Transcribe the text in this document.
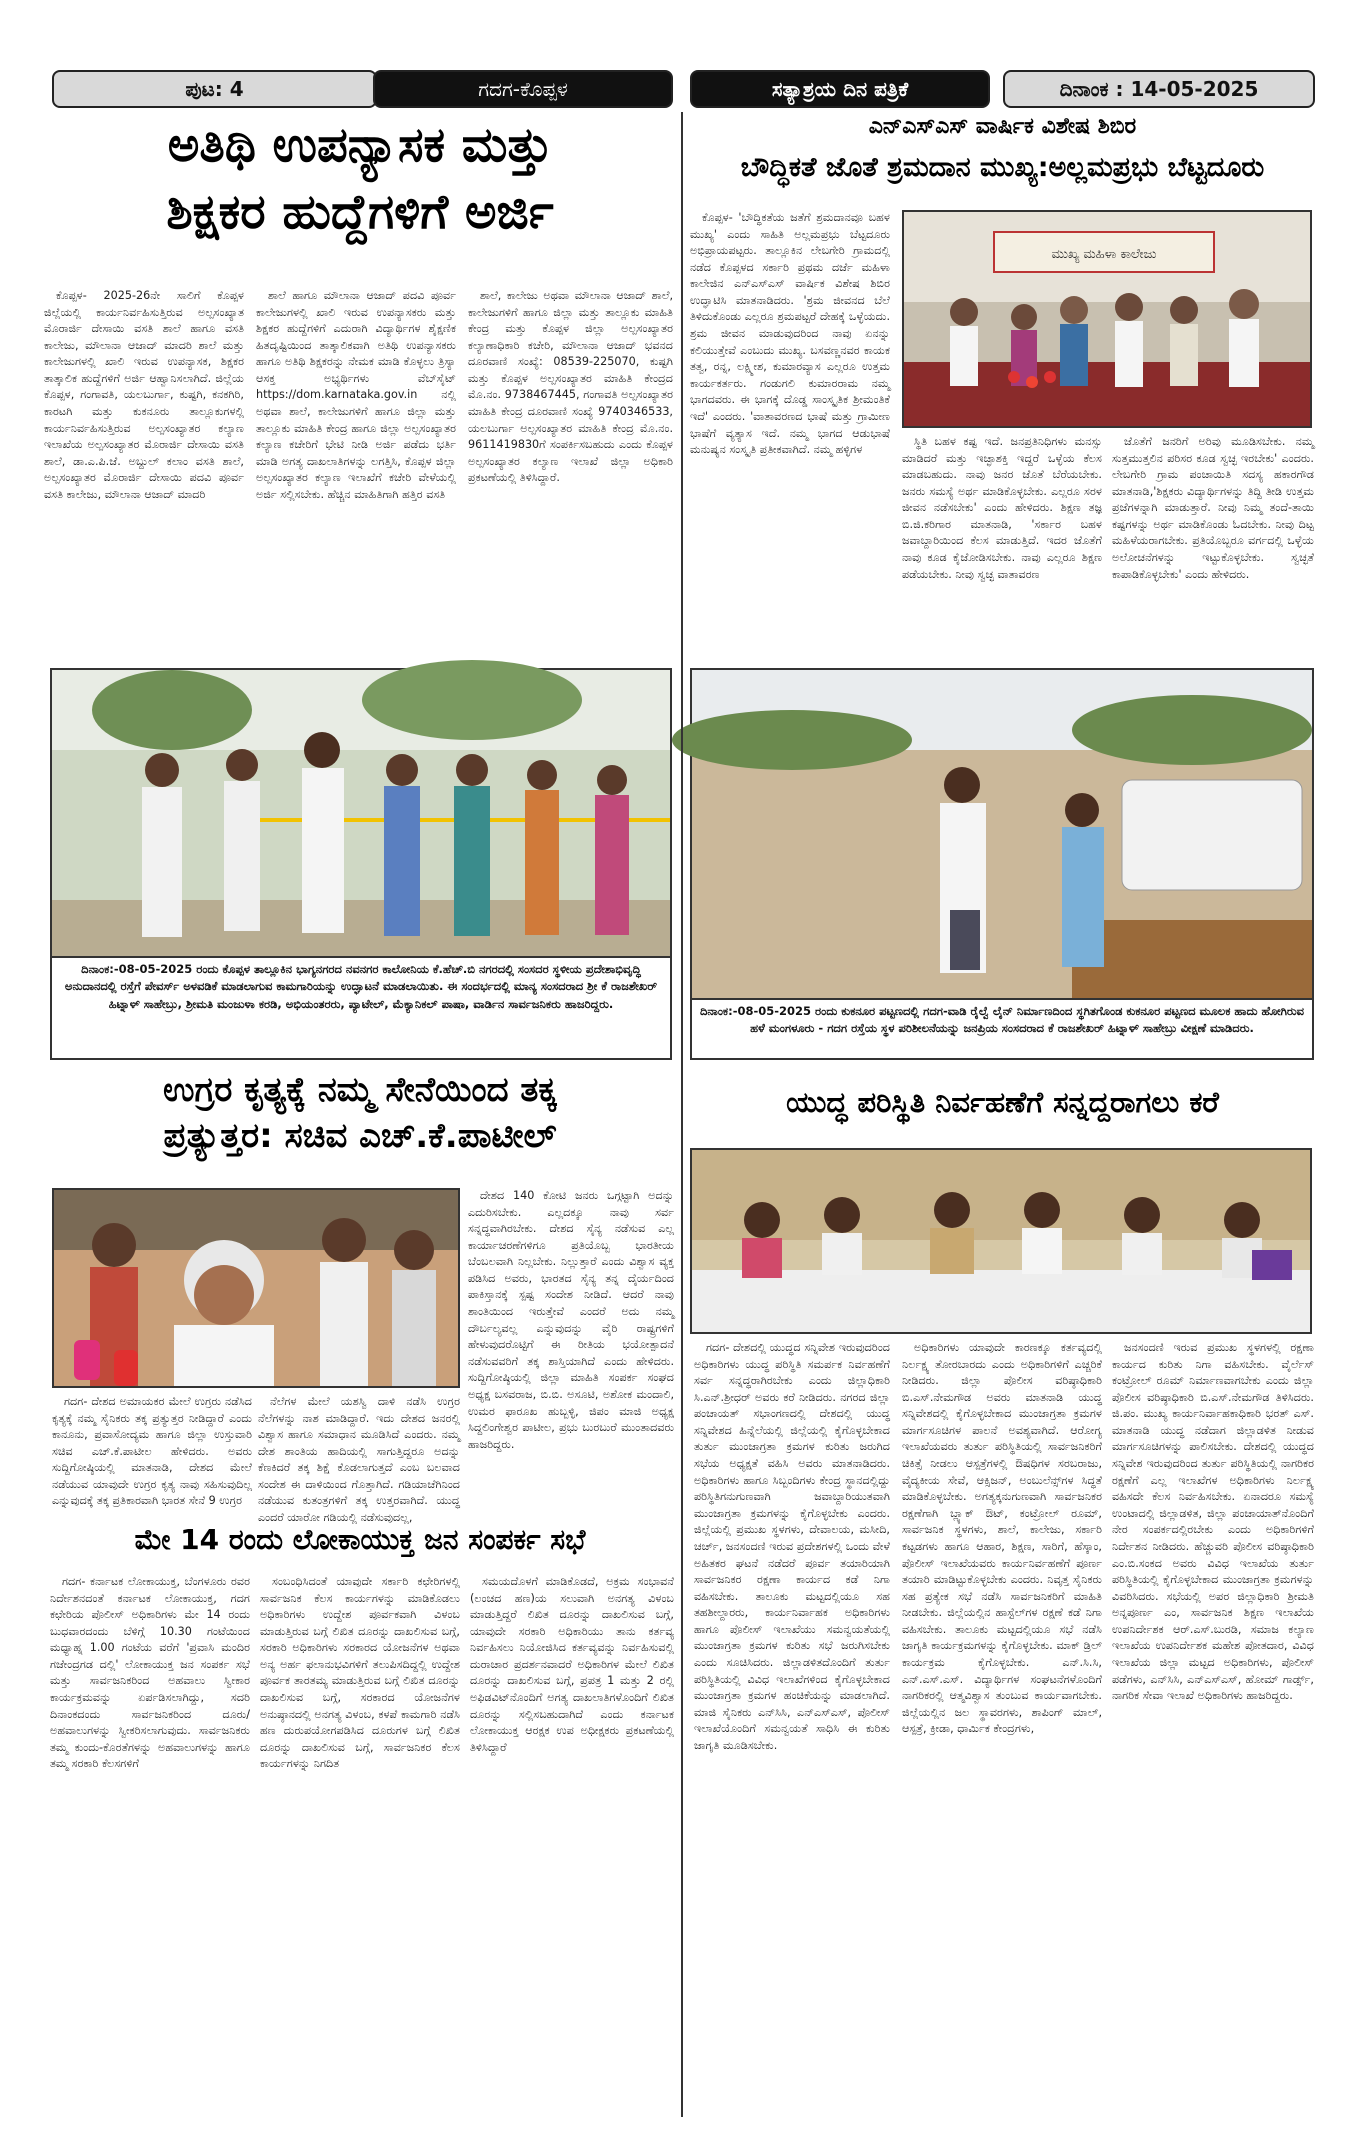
ಪುಟ: 4	ಗದಗ-ಕೊಪ್ಪಳ	ಸತ್ಯಾಶ್ರಯ ದಿನ ಪತ್ರಿಕೆ	ದಿನಾಂಕ : 14-05-2025
ಅತಿಥಿ ಉಪನ್ಯಾಸಕ ಮತ್ತು
ಶಿಕ್ಷಕರ ಹುದ್ದೆಗಳಿಗೆ ಅರ್ಜಿ

ಕೊಪ್ಪಳ- 2025-26ನೇ ಸಾಲಿಗೆ ಕೊಪ್ಪಳ ಜಿಲ್ಲೆಯಲ್ಲಿ ಕಾರ್ಯನಿರ್ವಹಿಸುತ್ತಿರುವ ಅಲ್ಪಸಂಖ್ಯಾತ ಮೊರಾರ್ಜಿ ದೇಸಾಯಿ ವಸತಿ ಶಾಲೆ ಹಾಗೂ ವಸತಿ ಕಾಲೇಜು, ಮೌಲಾನಾ ಆಜಾದ್ ಮಾದರಿ ಶಾಲೆ ಮತ್ತು ಕಾಲೇಜುಗಳಲ್ಲಿ ಖಾಲಿ ಇರುವ ಉಪನ್ಯಾಸಕ, ಶಿಕ್ಷಕರ ತಾತ್ಕಾಲಿಕ ಹುದ್ದೆಗಳಿಗೆ ಅರ್ಜಿ ಆಹ್ವಾನಿಸಲಾಗಿದೆ. ಜಿಲ್ಲೆಯ ಕೊಪ್ಪಳ, ಗಂಗಾವತಿ, ಯಲಬುರ್ಗಾ, ಕುಷ್ಟಗಿ, ಕನಕಗಿರಿ, ಕಾರಟಗಿ ಮತ್ತು ಕುಕನೂರು ತಾಲ್ಲೂಕುಗಳಲ್ಲಿ ಕಾರ್ಯನಿರ್ವಹಿಸುತ್ತಿರುವ ಅಲ್ಪಸಂಖ್ಯಾತರ ಕಲ್ಯಾಣ ಇಲಾಖೆಯ ಅಲ್ಪಸಂಖ್ಯಾತರ ಮೊರಾರ್ಜಿ ದೇಸಾಯಿ ವಸತಿ ಶಾಲೆ, ಡಾ.ಎ.ಪಿ.ಜೆ. ಅಬ್ದುಲ್ ಕಲಾಂ ವಸತಿ ಶಾಲೆ, ಅಲ್ಪಸಂಖ್ಯಾತರ ಮೊರಾರ್ಜಿ ದೇಸಾಯಿ ಪದವಿ ಪೂರ್ವ ವಸತಿ ಕಾಲೇಜು, ಮೌಲಾನಾ ಆಜಾದ್ ಮಾದರಿ

ಶಾಲೆ ಹಾಗೂ ಮೌಲಾನಾ ಆಜಾದ್ ಪದವಿ ಪೂರ್ವ ಕಾಲೇಜುಗಳಲ್ಲಿ ಖಾಲಿ ಇರುವ ಉಪನ್ಯಾಸಕರು ಮತ್ತು ಶಿಕ್ಷಕರ ಹುದ್ದೆಗಳಿಗೆ ಎದುರಾಗಿ ವಿದ್ಯಾರ್ಥಿಗಳ ಶೈಕ್ಷಣಿಕ ಹಿತದೃಷ್ಟಿಯಿಂದ ತಾತ್ಕಾಲಿಕವಾಗಿ ಅತಿಥಿ ಉಪನ್ಯಾಸಕರು ಹಾಗೂ ಅತಿಥಿ ಶಿಕ್ಷಕರನ್ನು ನೇಮಕ ಮಾಡಿ ಕೊಳ್ಳಲು ತ್ರಿಸ್ಯಾ ಆಸಕ್ತ ಅಭ್ಯರ್ಥಿಗಳು ವೆಬ್‌ಸೈಟ್ https://dom.karnataka.gov.in ನಲ್ಲಿ ಅಥವಾ ಶಾಲೆ, ಕಾಲೇಜುಗಳಿಗೆ ಹಾಗೂ ಜಿಲ್ಲಾ ಮತ್ತು ತಾಲ್ಲೂಕು ಮಾಹಿತಿ ಕೇಂದ್ರ ಹಾಗೂ ಜಿಲ್ಲಾ ಅಲ್ಪಸಂಖ್ಯಾತರ ಕಲ್ಯಾಣ ಕಚೇರಿಗೆ ಭೇಟಿ ನೀಡಿ ಅರ್ಜಿ ಪಡೆದು ಭರ್ತಿ ಮಾಡಿ ಅಗತ್ಯ ದಾಖಲಾತಿಗಳನ್ನು ಲಗತ್ತಿಸಿ, ಕೊಪ್ಪಳ ಜಿಲ್ಲಾ ಅಲ್ಪಸಂಖ್ಯಾತರ ಕಲ್ಯಾಣ ಇಲಾಖೆಗೆ ಕಚೇರಿ ವೇಳೆಯಲ್ಲಿ ಅರ್ಜಿ ಸಲ್ಲಿಸಬೇಕು. ಹೆಚ್ಚಿನ ಮಾಹಿತಿಗಾಗಿ ಹತ್ತಿರ ವಸತಿ

ಶಾಲೆ, ಕಾಲೇಜು ಅಥವಾ ಮೌಲಾನಾ ಆಜಾದ್ ಶಾಲೆ, ಕಾಲೇಜುಗಳಿಗೆ ಹಾಗೂ ಜಿಲ್ಲಾ ಮತ್ತು ತಾಲ್ಲೂಕು ಮಾಹಿತಿ ಕೇಂದ್ರ ಮತ್ತು ಕೊಪ್ಪಳ ಜಿಲ್ಲಾ ಅಲ್ಪಸಂಖ್ಯಾತರ ಕಲ್ಯಾಣಾಧಿಕಾರಿ ಕಚೇರಿ, ಮೌಲಾನಾ ಆಜಾದ್ ಭವನದ ದೂರವಾಣಿ ಸಂಖ್ಯೆ: 08539-225070, ಕುಷ್ಟಗಿ ಮತ್ತು ಕೊಪ್ಪಳ ಅಲ್ಪಸಂಖ್ಯಾತರ ಮಾಹಿತಿ ಕೇಂದ್ರದ ಮೊ.ನಂ. 9738467445, ಗಂಗಾವತಿ ಅಲ್ಪಸಂಖ್ಯಾತರ ಮಾಹಿತಿ ಕೇಂದ್ರ ದೂರವಾಣಿ ಸಂಖ್ಯೆ 9740346533, ಯಲಬುರ್ಗಾ ಅಲ್ಪಸಂಖ್ಯಾತರ ಮಾಹಿತಿ ಕೇಂದ್ರ ಮೊ.ನಂ. 9611419830ಗೆ ಸಂಪರ್ಕಿಸಬಹುದು ಎಂದು ಕೊಪ್ಪಳ ಅಲ್ಪಸಂಖ್ಯಾತರ ಕಲ್ಯಾಣ ಇಲಾಖೆ ಜಿಲ್ಲಾ ಅಧಿಕಾರಿ ಪ್ರಕಟಣೆಯಲ್ಲಿ ತಿಳಿಸಿದ್ದಾರೆ.

ಎನ್‌ಎಸ್‌ಎಸ್ ವಾರ್ಷಿಕ ವಿಶೇಷ ಶಿಬಿರ
ಬೌದ್ಧಿಕತೆ ಜೊತೆ ಶ್ರಮದಾನ ಮುಖ್ಯ:ಅಲ್ಲಮಪ್ರಭು ಬೆಟ್ಟದೂರು

ಕೊಪ್ಪಳ- 'ಬೌದ್ಧಿಕತೆಯ ಜತೆಗೆ ಶ್ರಮದಾನವೂ ಬಹಳ ಮುಖ್ಯ' ಎಂದು ಸಾಹಿತಿ ಅಲ್ಲಮಪ್ರಭು ಬೆಟ್ಟದೂರು ಅಭಿಪ್ರಾಯಪಟ್ಟರು. ತಾಲ್ಲೂಕಿನ ಲೇಬಗೇರಿ ಗ್ರಾಮದಲ್ಲಿ ನಡೆದ ಕೊಪ್ಪಳದ ಸರ್ಕಾರಿ ಪ್ರಥಮ ದರ್ಜೆ ಮಹಿಳಾ ಕಾಲೇಜಿನ ಎನ್‌ಎಸ್‌ಎಸ್ ವಾರ್ಷಿಕ ವಿಶೇಷ ಶಿಬಿರ ಉದ್ಘಾಟಿಸಿ ಮಾತನಾಡಿದರು. 'ಶ್ರಮ ಜೀವನದ ಬೆಲೆ ತಿಳಿದುಕೊಂಡು ಎಲ್ಲರೂ ಶ್ರಮಪಟ್ಟರೆ ದೇಹಕ್ಕೆ ಒಳ್ಳೆಯದು. ಶ್ರಮ ಜೀವನ ಮಾಡುವುದರಿಂದ ನಾವು ಏನನ್ನು ಕಲಿಯುತ್ತೇವೆ ಎಂಬುದು ಮುಖ್ಯ. ಬಸವಣ್ಣನವರ ಕಾಯಕ ತತ್ವ, ರನ್ನ, ಲಕ್ಷ್ಮೀಶ, ಕುಮಾರವ್ಯಾಸ ಎಲ್ಲರೂ ಉತ್ತಮ ಕಾರ್ಯಕರ್ತರು. ಗಂಡುಗಲಿ ಕುಮಾರರಾಮ ನಮ್ಮ ಭಾಗದವರು. ಈ ಭಾಗಕ್ಕೆ ದೊಡ್ಡ ಸಾಂಸ್ಕೃತಿಕ ಶ್ರೀಮಂತಿಕೆ ಇದೆ' ಎಂದರು. 'ವಾತಾವರಣದ ಭಾಷೆ ಮತ್ತು ಗ್ರಾಮೀಣ ಭಾಷೆಗೆ ವ್ಯತ್ಯಾಸ ಇದೆ. ನಮ್ಮ ಭಾಗದ ಆಡುಭಾಷೆ ಮನುಷ್ಯನ ಸಂಸ್ಕೃತಿ ಪ್ರತೀಕವಾಗಿದೆ. ನಮ್ಮ ಹಳ್ಳಿಗಳ

ಮುಖ್ಯ ಮಹಿಳಾ ಕಾಲೇಜು

ಸ್ಥಿತಿ ಬಹಳ ಕಷ್ಟ ಇದೆ. ಜನಪ್ರತಿನಿಧಿಗಳು ಮನಸ್ಸು ಮಾಡಿದರೆ ಮತ್ತು ಇಚ್ಛಾಶಕ್ತಿ ಇದ್ದರೆ ಒಳ್ಳೆಯ ಕೆಲಸ ಮಾಡಬಹುದು. ನಾವು ಜನರ ಜೊತೆ ಬೆರೆಯಬೇಕು. ಜನರು ಸಮಸ್ಯೆ ಅರ್ಥ ಮಾಡಿಕೊಳ್ಳಬೇಕು. ಎಲ್ಲರೂ ಸರಳ ಜೀವನ ನಡೆಸಬೇಕು' ಎಂದು ಹೇಳಿದರು. ಶಿಕ್ಷಣ ತಜ್ಞ ಬಿ.ಜಿ.ಕರಿಗಾರ ಮಾತನಾಡಿ, 'ಸರ್ಕಾರ ಬಹಳ ಜವಾಬ್ದಾರಿಯಿಂದ ಕೆಲಸ ಮಾಡುತ್ತಿದೆ. ಇದರ ಜೊತೆಗೆ ನಾವು ಕೂಡ ಕೈಜೋಡಿಸಬೇಕು. ನಾವು ಎಲ್ಲರೂ ಶಿಕ್ಷಣ ಪಡೆಯಬೇಕು. ನೀವು ಸ್ವಚ್ಛ ವಾತಾವರಣ

ಜೊತೆಗೆ ಜನರಿಗೆ ಅರಿವು ಮೂಡಿಸಬೇಕು. ನಮ್ಮ ಸುತ್ತಮುತ್ತಲಿನ ಪರಿಸರ ಕೂಡ ಸ್ವಚ್ಛ ಇರಬೇಕು' ಎಂದರು. ಲೇಬಗೇರಿ ಗ್ರಾಮ ಪಂಚಾಯಿತಿ ಸದಸ್ಯ ಹಕಾರಗೌಡ ಮಾತನಾಡಿ,'ಶಿಕ್ಷಕರು ವಿದ್ಯಾರ್ಥಿಗಳನ್ನು ತಿದ್ದಿ ತೀಡಿ ಉತ್ತಮ ಪ್ರಜೆಗಳನ್ನಾಗಿ ಮಾಡುತ್ತಾರೆ. ನೀವು ನಿಮ್ಮ ತಂದೆ-ತಾಯಿ ಕಷ್ಟಗಳನ್ನು ಅರ್ಥ ಮಾಡಿಕೊಂಡು ಓದಬೇಕು. ನೀವು ದಿಟ್ಟ ಮಹಿಳೆಯರಾಗಬೇಕು. ಪ್ರತಿಯೊಬ್ಬರೂ ವರ್ಗದಲ್ಲಿ ಒಳ್ಳೆಯ ಅಲೋಚನೆಗಳನ್ನು ಇಟ್ಟುಕೊಳ್ಳಬೇಕು. ಸ್ವಚ್ಛತೆ ಕಾಪಾಡಿಕೊಳ್ಳಬೇಕು' ಎಂದು ಹೇಳಿದರು.

ದಿನಾಂಕ:-08-05-2025 ರಂದು ಕೊಪ್ಪಳ ತಾಲ್ಲೂಕಿನ ಭಾಗ್ಯನಗರದ ನವನಗರ ಕಾಲೋನಿಯ ಕೆ.ಹೆಚ್.ಬಿ ನಗರದಲ್ಲಿ ಸಂಸದರ ಸ್ಥಳೀಯ ಪ್ರದೇಶಾಭಿವೃದ್ಧಿ ಅನುದಾನದಲ್ಲಿ ರಸ್ತೆಗೆ ಪೇವರ್ಸ್ ಅಳವಡಿಕೆ ಮಾಡಲಾಗುವ ಕಾಮಗಾರಿಯನ್ನು ಉದ್ಘಾಟನೆ ಮಾಡಲಾಯಿತು. ಈ ಸಂದರ್ಭದಲ್ಲಿ ಮಾನ್ಯ ಸಂಸದರಾದ ಶ್ರೀ ಕೆ ರಾಜಶೇಖರ್ ಹಿಟ್ನಾಳ್ ಸಾಹೇಬ್ರು, ಶ್ರೀಮತಿ ಮಂಜುಳಾ ಕರಡಿ, ಅಭಿಯಂತರರು, ಪ್ಯಾಟೇಲ್, ಮೆಕ್ಯಾನಿಕಲ್ ಪಾಷಾ, ವಾರ್ಡಿನ ಸಾರ್ವಜನಿಕರು ಹಾಜರಿದ್ದರು.
ದಿನಾಂಕ:-08-05-2025 ರಂದು ಕುಕನೂರ ಪಟ್ಟಣದಲ್ಲಿ ಗದಗ-ವಾಡಿ ರೈಲ್ವೆ ಲೈನ್ ನಿರ್ಮಾಣದಿಂದ ಸ್ಥಗಿತಗೊಂಡ ಕುಕನೂರ ಪಟ್ಟಣದ ಮೂಲಕ ಹಾದು ಹೋಗಿರುವ ಹಳೆ ಮಂಗಳೂರು - ಗದಗ ರಸ್ತೆಯ ಸ್ಥಳ ಪರಿಶೀಲನೆಯನ್ನು ಜನಪ್ರಿಯ ಸಂಸದರಾದ ಕೆ ರಾಜಶೇಖರ್ ಹಿಟ್ನಾಳ್ ಸಾಹೇಬ್ರು ವೀಕ್ಷಣೆ ಮಾಡಿದರು.
ಉಗ್ರರ ಕೃತ್ಯಕ್ಕೆ ನಮ್ಮ ಸೇನೆಯಿಂದ ತಕ್ಕ
ಪ್ರತ್ಯುತ್ತರ: ಸಚಿವ ಎಚ್.ಕೆ.ಪಾಟೀಲ್

ದೇಶದ 140 ಕೋಟಿ ಜನರು ಒಗ್ಗಟ್ಟಾಗಿ ಅದನ್ನು ಎದುರಿಸಬೇಕು. ಎಲ್ಲದಕ್ಕೂ ನಾವು ಸರ್ವ ಸನ್ನದ್ಧವಾಗಿರಬೇಕು. ದೇಶದ ಸೈನ್ಯ ನಡೆಸುವ ಎಲ್ಲ ಕಾರ್ಯಾಚರಣೆಗಳಿಗೂ ಪ್ರತಿಯೊಬ್ಬ ಭಾರತೀಯ ಬೆಂಬಲವಾಗಿ ನಿಲ್ಲಬೇಕು. ನಿಲ್ಲುತ್ತಾರೆ ಎಂದು ವಿಶ್ವಾಸ ವ್ಯಕ್ತ ಪಡಿಸಿದ ಅವರು, ಭಾರತದ ಸೈನ್ಯ ತನ್ನ ದೈರ್ಯದಿಂದ ಪಾಕಿಸ್ತಾನಕ್ಕೆ ಸ್ಪಷ್ಟ ಸಂದೇಶ ನೀಡಿದೆ. ಆದರೆ ನಾವು ಶಾಂತಿಯಿಂದ ಇರುತ್ತೇವೆ ಎಂದರೆ ಅದು ನಮ್ಮ ದೌರ್ಬಲ್ಯವಲ್ಲ ಎನ್ನುವುದನ್ನು ವೈರಿ ರಾಷ್ಟ್ರಗಳಿಗೆ ಹೇಳುವುದರೊಟ್ಟಿಗೆ ಈ ರೀತಿಯ ಭಯೋತ್ಪಾದನೆ ನಡೆಸುವವರಿಗೆ ತಕ್ಕ ಶಾಸ್ತಿಯಾಗಿದೆ ಎಂದು ಹೇಳಿದರು. ಸುದ್ದಿಗೋಷ್ಠಿಯಲ್ಲಿ ಜಿಲ್ಲಾ ಮಾಹಿತಿ ಸಂಪರ್ಕ ಸಂಘದ ಅಧ್ಯಕ್ಷ ಬಸವರಾಜ, ಬಿ.ಬಿ. ಅಸೂಟಿ, ಅಶೋಕ ಮಂದಾಲಿ, ಉಮರ ಫಾರೂಖ ಹುಬ್ಬಳ್ಳಿ, ಜಿಪಂ ಮಾಜಿ ಅಧ್ಯಕ್ಷ ಸಿದ್ದಲಿಂಗೇಶ್ವರ ಪಾಟೀಲ, ಪ್ರಭು ಬುರಬುರೆ ಮುಂತಾದವರು ಹಾಜರಿದ್ದರು.

ಗದಗ- ದೇಶದ ಅಮಾಯಕರ ಮೇಲೆ ಉಗ್ರರು ನಡೆಸಿದ ಕೃತ್ಯಕ್ಕೆ ನಮ್ಮ ಸೈನಿಕರು ತಕ್ಕ ಪ್ರತ್ಯುತ್ತರ ನೀಡಿದ್ದಾರೆ ಎಂದು ಕಾನೂನು, ಪ್ರವಾಸೋದ್ಯಮ ಹಾಗೂ ಜಿಲ್ಲಾ ಉಸ್ತುವಾರಿ ಸಚಿವ ಎಚ್.ಕೆ.ಪಾಟೀಲ ಹೇಳಿದರು. ಅವರು ಸುದ್ದಿಗೋಷ್ಠಿಯಲ್ಲಿ ಮಾತನಾಡಿ, ದೇಶದ ಮೇಲೆ ನಡೆಯುವ ಯಾವುದೇ ಉಗ್ರರ ಕೃತ್ಯ ನಾವು ಸಹಿಸುವುದಿಲ್ಲ ಎನ್ನುವುದಕ್ಕೆ ತಕ್ಕ ಪ್ರತಿಕಾರವಾಗಿ ಭಾರತ ಸೇನೆ 9 ಉಗ್ರರ

ನೆಲೆಗಳ ಮೇಲೆ ಯಶಸ್ವಿ ದಾಳಿ ನಡೆಸಿ ಉಗ್ರರ ನೆಲೆಗಳನ್ನು ನಾಶ ಮಾಡಿದ್ದಾರೆ. ಇದು ದೇಶದ ಜನರಲ್ಲಿ ವಿಶ್ವಾಸ ಹಾಗೂ ಸಮಾಧಾನ ಮೂಡಿಸಿದೆ ಎಂದರು. ನಮ್ಮ ದೇಶ ಶಾಂತಿಯ ಹಾದಿಯಲ್ಲಿ ಸಾಗುತ್ತಿದ್ದರೂ ಅದನ್ನು ಕೆಣಕಿದರೆ ತಕ್ಕ ಶಿಕ್ಷೆ ಕೊಡಲಾಗುತ್ತದೆ ಎಂಬ ಬಲವಾದ ಸಂದೇಶ ಈ ದಾಳಿಯಿಂದ ಗೊತ್ತಾಗಿದೆ. ಗಡಿಯಾಚೆಗಿನಿಂದ ನಡೆಯುವ ಕುತಂತ್ರಗಳಿಗೆ ತಕ್ಕ ಉತ್ತರವಾಗಿದೆ. ಯುದ್ಧ ಎಂದರೆ ಯಾರೋ ಗಡಿಯಲ್ಲಿ ನಡೆಸುವುದಲ್ಲ,

ಮೇ 14 ರಂದು ಲೋಕಾಯುಕ್ತ ಜನ ಸಂಪರ್ಕ ಸಭೆ

ಗದಗ- ಕರ್ನಾಟಕ ಲೋಕಾಯುಕ್ತ, ಬೆಂಗಳೂರು ರವರ ನಿರ್ದೇಶನದಂತೆ ಕರ್ನಾಟಕ ಲೋಕಾಯುಕ್ತ, ಗದಗ ಕಛೇರಿಯ ಪೊಲೀಸ್ ಅಧಿಕಾರಿಗಳು ಮೇ 14 ರಂದು ಬುಧವಾರದಂದು ಬೆಳಿಗ್ಗೆ 10.30 ಗಂಟೆಯಿಂದ ಮಧ್ಯಾಹ್ನ 1.00 ಗಂಟೆಯ ವರೆಗೆ 'ಪ್ರವಾಸಿ ಮಂದಿರ ಗಜೇಂದ್ರಗಡ ದಲ್ಲಿ' ಲೋಕಾಯುಕ್ತ ಜನ ಸಂಪರ್ಕ ಸಭೆ ಮತ್ತು ಸಾರ್ವಜನಿಕರಿಂದ ಅಹವಾಲು ಸ್ವೀಕಾರ ಕಾರ್ಯಕ್ರಮವನ್ನು ಏರ್ಪಡಿಸಲಾಗಿದ್ದು, ಸದರಿ ದಿನಾಂಕದಂದು ಸಾರ್ವಜನಿಕರಿಂದ ದೂರು/ಅಹವಾಲುಗಳನ್ನು ಸ್ವೀಕರಿಸಲಾಗುವುದು. ಸಾರ್ವಜನಿಕರು ತಮ್ಮ ಕುಂದು-ಕೊರತೆಗಳನ್ನು ಅಹವಾಲುಗಳನ್ನು ಹಾಗೂ ತಮ್ಮ ಸರಕಾರಿ ಕೆಲಸಗಳಿಗೆ

ಸಂಬಂಧಿಸಿದಂತೆ ಯಾವುದೇ ಸರ್ಕಾರಿ ಕಛೇರಿಗಳಲ್ಲಿ ಸಾರ್ವಜನಿಕ ಕೆಲಸ ಕಾರ್ಯಗಳನ್ನು ಮಾಡಿಕೊಡಲು ಅಧಿಕಾರಿಗಳು ಉದ್ದೇಶ ಪೂರ್ವಕವಾಗಿ ವಿಳಂಬ ಮಾಡುತ್ತಿರುವ ಬಗ್ಗೆ ಲಿಖಿತ ದೂರನ್ನು ದಾಖಲಿಸುವ ಬಗ್ಗೆ, ಸರಕಾರಿ ಅಧಿಕಾರಿಗಳು ಸರಕಾರದ ಯೋಜನೆಗಳ ಅಥವಾ ಅನ್ಯ ಅರ್ಹ ಫಲಾನುಭವಿಗಳಿಗೆ ತಲುಪಿಸದಿದ್ದಲ್ಲಿ ಉದ್ದೇಶ ಪೂರ್ವಕ ತಾರತಮ್ಯ ಮಾಡುತ್ತಿರುವ ಬಗ್ಗೆ ಲಿಖಿತ ದೂರನ್ನು ದಾಖಲಿಸುವ ಬಗ್ಗೆ, ಸರಕಾರದ ಯೋಜನೆಗಳ ಅನುಷ್ಠಾನದಲ್ಲಿ ಅನಗತ್ಯ ವಿಳಂಬ, ಕಳಪೆ ಕಾಮಗಾರಿ ನಡೆಸಿ ಹಣ ದುರುಪಯೋಗಪಡಿಸಿದ ದೂರುಗಳ ಬಗ್ಗೆ ಲಿಖಿತ ದೂರನ್ನು ದಾಖಲಿಸುವ ಬಗ್ಗೆ, ಸಾರ್ವಜನಿಕರ ಕೆಲಸ ಕಾರ್ಯಗಳನ್ನು ನಿಗದಿತ

ಸಮಯದೊಳಗೆ ಮಾಡಿಕೊಡದೆ, ಅಕ್ರಮ ಸಂಭಾವನೆ (ಲಂಚದ ಹಣ)ಯ ಸಲುವಾಗಿ ಅನಗತ್ಯ ವಿಳಂಬ ಮಾಡುತ್ತಿದ್ದರೆ ಲಿಖಿತ ದೂರನ್ನು ದಾಖಲಿಸುವ ಬಗ್ಗೆ, ಯಾವುದೇ ಸರಕಾರಿ ಅಧಿಕಾರಿಯು ತಾನು ಕರ್ತವ್ಯ ನಿರ್ವಹಿಸಲು ನಿಯೋಜಿಸಿದ ಕರ್ತವ್ಯವನ್ನು ನಿರ್ವಹಿಸುವಲ್ಲಿ ದುರಾಚಾರ ಪ್ರದರ್ಶನವಾದರೆ ಅಧಿಕಾರಿಗಳ ಮೇಲೆ ಲಿಖಿತ ದೂರನ್ನು ದಾಖಲಿಸುವ ಬಗ್ಗೆ, ಪ್ರಪತ್ರ 1 ಮತ್ತು 2 ರಲ್ಲಿ ಅಫಿಡವಿಟ್‌ನೊಂದಿಗೆ ಅಗತ್ಯ ದಾಖಲಾತಿಗಳೊಂದಿಗೆ ಲಿಖಿತ ದೂರನ್ನು ಸಲ್ಲಿಸಬಹುದಾಗಿದೆ ಎಂದು ಕರ್ನಾಟಕ ಲೋಕಾಯುಕ್ತ ಆರಕ್ಷಕ ಉಪ ಅಧೀಕ್ಷಕರು ಪ್ರಕಟಣೆಯಲ್ಲಿ ತಿಳಿಸಿದ್ದಾರೆ

ಯುದ್ಧ ಪರಿಸ್ಥಿತಿ ನಿರ್ವಹಣೆಗೆ ಸನ್ನದ್ದರಾಗಲು ಕರೆ

ಗದಗ- ದೇಶದಲ್ಲಿ ಯುದ್ಧದ ಸನ್ನಿವೇಶ ಇರುವುದರಿಂದ ಅಧಿಕಾರಿಗಳು ಯುದ್ಧ ಪರಿಸ್ಥಿತಿ ಸಮರ್ಪಕ ನಿರ್ವಹಣೆಗೆ ಸರ್ವ ಸನ್ನದ್ಧರಾಗಿರಬೇಕು ಎಂದು ಜಿಲ್ಲಾಧಿಕಾರಿ ಸಿ.ಎನ್.ಶ್ರೀಧರ್ ಅವರು ಕರೆ ನೀಡಿದರು. ನಗರದ ಜಿಲ್ಲಾ ಪಂಚಾಯತ್ ಸಭಾಂಗಣದಲ್ಲಿ ದೇಶದಲ್ಲಿ ಯುದ್ಧ ಸನ್ನಿವೇಶದ ಹಿನ್ನೆಲೆಯಲ್ಲಿ ಜಿಲ್ಲೆಯಲ್ಲಿ ಕೈಗೊಳ್ಳಬೇಕಾದ ತುರ್ತು ಮುಂಜಾಗ್ರತಾ ಕ್ರಮಗಳ ಕುರಿತು ಜರುಗಿದ ಸಭೆಯ ಅಧ್ಯಕ್ಷತೆ ವಹಿಸಿ ಅವರು ಮಾತನಾಡಿದರು. ಅಧಿಕಾರಿಗಳು ಹಾಗೂ ಸಿಬ್ಬಂದಿಗಳು ಕೇಂದ್ರ ಸ್ಥಾನದಲ್ಲಿದ್ದು ಪರಿಸ್ಥಿತಿಗನುಗುಣವಾಗಿ ಜವಾಬ್ದಾರಿಯುತವಾಗಿ ಮುಂಜಾಗ್ರತಾ ಕ್ರಮಗಳನ್ನು ಕೈಗೊಳ್ಳಬೇಕು ಎಂದರು. ಜಿಲ್ಲೆಯಲ್ಲಿ ಪ್ರಮುಖ ಸ್ಥಳಗಳು, ದೇವಾಲಯ, ಮಸೀದಿ, ಚರ್ಚ್, ಜನಸಂದಣಿ ಇರುವ ಪ್ರದೇಶಗಳಲ್ಲಿ ಒಂದು ವೇಳೆ ಅಹಿತಕರ ಘಟನೆ ನಡೆದರೆ ಪೂರ್ವ ತಯಾರಿಯಾಗಿ ಸಾರ್ವಜನಿಕರ ರಕ್ಷಣಾ ಕಾರ್ಯದ ಕಡೆ ನಿಗಾ ವಹಿಸಬೇಕು. ತಾಲೂಕು ಮಟ್ಟದಲ್ಲಿಯೂ ಸಹ ತಹಶೀಲ್ದಾರರು, ಕಾರ್ಯನಿರ್ವಾಹಕ ಅಧಿಕಾರಿಗಳು ಹಾಗೂ ಪೊಲೀಸ್ ಇಲಾಖೆಯು ಸಮನ್ವಯತೆಯಲ್ಲಿ ಮುಂಜಾಗ್ರತಾ ಕ್ರಮಗಳ ಕುರಿತು ಸಭೆ ಜರುಗಿಸಬೇಕು ಎಂದು ಸೂಚಿಸಿದರು. ಜಿಲ್ಲಾಡಳಿತದೊಂದಿಗೆ ತುರ್ತು ಪರಿಸ್ಥಿತಿಯಲ್ಲಿ ವಿವಿಧ ಇಲಾಖೆಗಳಿಂದ ಕೈಗೊಳ್ಳಬೇಕಾದ ಮುಂಜಾಗ್ರತಾ ಕ್ರಮಗಳ ಹಂಚಿಕೆಯನ್ನು ಮಾಡಲಾಗಿದೆ. ಮಾಜಿ ಸೈನಿಕರು ಎನ್‌ಸಿಸಿ, ಎನ್‌ಎಸ್‌ಎಸ್, ಪೊಲೀಸ್ ಇಲಾಖೆಯೊಂದಿಗೆ ಸಮನ್ವಯತೆ ಸಾಧಿಸಿ ಈ ಕುರಿತು ಜಾಗೃತಿ ಮೂಡಿಸಬೇಕು.

ಅಧಿಕಾರಿಗಳು ಯಾವುದೇ ಕಾರಣಕ್ಕೂ ಕರ್ತವ್ಯದಲ್ಲಿ ನಿರ್ಲಕ್ಷ್ಯ ತೋರಬಾರದು ಎಂದು ಅಧಿಕಾರಿಗಳಿಗೆ ಎಚ್ಚರಿಕೆ ನೀಡಿದರು. ಜಿಲ್ಲಾ ಪೊಲೀಸ ವರಿಷ್ಠಾಧಿಕಾರಿ ಬಿ.ಎಸ್.ನೇಮಗೌಡ ಅವರು ಮಾತನಾಡಿ ಯುದ್ಧ ಸನ್ನಿವೇಶದಲ್ಲಿ ಕೈಗೊಳ್ಳಬೇಕಾದ ಮುಂಜಾಗ್ರತಾ ಕ್ರಮಗಳ ಮಾರ್ಗಸೂಚಿಗಳ ಪಾಲನೆ ಅವಶ್ಯವಾಗಿದೆ. ಆರೋಗ್ಯ ಇಲಾಖೆಯವರು ತುರ್ತು ಪರಿಸ್ಥಿತಿಯಲ್ಲಿ ಸಾರ್ವಜನಿಕರಿಗೆ ಚಿಕಿತ್ಸೆ ನೀಡಲು ಆಸ್ಪತ್ರೆಗಳಲ್ಲಿ ಔಷಧಿಗಳ ಸರಬರಾಜು, ವೈದ್ಯಕೀಯ ಸೇವೆ, ಆಕ್ಸಿಜನ್, ಅಂಬುಲೆನ್ಸ್‌ಗಳ ಸಿದ್ಧತೆ ಮಾಡಿಕೊಳ್ಳಬೇಕು. ಅಗತ್ಯಕ್ಕನುಗುಣವಾಗಿ ಸಾರ್ವಜನಿಕರ ರಕ್ಷಣೆಗಾಗಿ ಬ್ಲ್ಯಾಕ್ ಔಟ್, ಕಂಟ್ರೋಲ್ ರೂಮ್, ಸಾರ್ವಜನಿಕ ಸ್ಥಳಗಳು, ಶಾಲೆ, ಕಾಲೇಜು, ಸರ್ಕಾರಿ ಕಟ್ಟಡಗಳು ಹಾಗೂ ಆಹಾರ, ಶಿಕ್ಷಣ, ಸಾರಿಗೆ, ಹೆಸ್ಕಾಂ, ಪೊಲೀಸ್ ಇಲಾಖೆಯವರು ಕಾರ್ಯನಿರ್ವಹಣೆಗೆ ಪೂರ್ಣ ತಯಾರಿ ಮಾಡಿಟ್ಟುಕೊಳ್ಳಬೇಕು ಎಂದರು. ನಿವೃತ್ತ ಸೈನಿಕರು ಸಹ ಪ್ರತ್ಯೇಕ ಸಭೆ ನಡೆಸಿ ಸಾರ್ವಜನಿಕರಿಗೆ ಮಾಹಿತಿ ನೀಡಬೇಕು. ಜಿಲ್ಲೆಯಲ್ಲಿನ ಹಾಸ್ಟೆಲ್‌ಗಳ ರಕ್ಷಣೆ ಕಡೆ ನಿಗಾ ವಹಿಸಬೇಕು. ತಾಲೂಕು ಮಟ್ಟದಲ್ಲಿಯೂ ಸಭೆ ನಡೆಸಿ ಜಾಗೃತಿ ಕಾರ್ಯಕ್ರಮಗಳನ್ನು ಕೈಗೊಳ್ಳಬೇಕು. ಮಾಕ್ ಡ್ರಿಲ್ ಕಾರ್ಯಕ್ರಮ ಕೈಗೊಳ್ಳಬೇಕು. ಎನ್.ಸಿ.ಸಿ, ಎನ್.ಎಸ್.ಎಸ್. ವಿದ್ಯಾರ್ಥಿಗಳ ಸಂಘಟನೆಗಳೊಂದಿಗೆ ನಾಗರಿಕರಲ್ಲಿ ಆತ್ಮವಿಶ್ವಾಸ ತುಂಬುವ ಕಾರ್ಯವಾಗಬೇಕು. ಜಿಲ್ಲೆಯಲ್ಲಿನ ಜಲ ಸ್ಥಾವರಗಳು, ಶಾಪಿಂಗ್ ಮಾಲ್, ಆಸ್ಪತ್ರೆ, ಕ್ರೀಡಾ, ಧಾರ್ಮಿಕ ಕೇಂದ್ರಗಳು,

ಜನಸಂದಣಿ ಇರುವ ಪ್ರಮುಖ ಸ್ಥಳಗಳಲ್ಲಿ ರಕ್ಷಣಾ ಕಾರ್ಯದ ಕುರಿತು ನಿಗಾ ವಹಿಸಬೇಕು. ವೈರ್ಲೆಸ್ ಕಂಟ್ರೋಲ್ ರೂಮ್ ನಿರ್ಮಾಣವಾಗಬೇಕು ಎಂದು ಜಿಲ್ಲಾ ಪೊಲೀಸ ವರಿಷ್ಠಾಧಿಕಾರಿ ಬಿ.ಎಸ್.ನೇಮಗೌಡ ತಿಳಿಸಿದರು. ಜಿ.ಪಂ. ಮುಖ್ಯ ಕಾರ್ಯನಿರ್ವಾಹಕಾಧಿಕಾರಿ ಭರತ್ ಎಸ್. ಮಾತನಾಡಿ ಯುದ್ಧ ನಡೆದಾಗ ಜಿಲ್ಲಾಡಳಿತ ನೀಡುವ ಮಾರ್ಗಸೂಚಿಗಳನ್ನು ಪಾಲಿಸಬೇಕು. ದೇಶದಲ್ಲಿ ಯುದ್ಧದ ಸನ್ನಿವೇಶ ಇರುವುದರಿಂದ ತುರ್ತು ಪರಿಸ್ಥಿತಿಯಲ್ಲಿ ನಾಗರಿಕರ ರಕ್ಷಣೆಗೆ ಎಲ್ಲ ಇಲಾಖೆಗಳ ಅಧಿಕಾರಿಗಳು ನಿರ್ಲಕ್ಷ್ಯ ವಹಿಸದೇ ಕೆಲಸ ನಿರ್ವಹಿಸಬೇಕು. ಏನಾದರೂ ಸಮಸ್ಯೆ ಉಂಟಾದಲ್ಲಿ ಜಿಲ್ಲಾಡಳಿತ, ಜಿಲ್ಲಾ ಪಂಚಾಯಾತ್‌ನೊಂದಿಗೆ ನೇರ ಸಂಪರ್ಕದಲ್ಲಿರಬೇಕು ಎಂದು ಅಧಿಕಾರಿಗಳಿಗೆ ನಿರ್ದೇಶನ ನೀಡಿದರು. ಹೆಚ್ಚುವರಿ ಪೊಲೀಸ ವರಿಷ್ಠಾಧಿಕಾರಿ ಎಂ.ಬಿ.ಸಂಕದ ಅವರು ವಿವಿಧ ಇಲಾಖೆಯ ತುರ್ತು ಪರಿಸ್ಥಿತಿಯಲ್ಲಿ ಕೈಗೊಳ್ಳಬೇಕಾದ ಮುಂಜಾಗ್ರತಾ ಕ್ರಮಗಳನ್ನು ವಿವರಿಸಿದರು. ಸಭೆಯಲ್ಲಿ ಅಪರ ಜಿಲ್ಲಾಧಿಕಾರಿ ಶ್ರೀಮತಿ ಅನ್ನಪೂರ್ಣ ಎಂ, ಸಾರ್ವಜನಿಕ ಶಿಕ್ಷಣ ಇಲಾಖೆಯ ಉಪನಿರ್ದೇಶಕ ಆರ್.ಎಸ್.ಬುರಡಿ, ಸಮಾಜ ಕಲ್ಯಾಣ ಇಲಾಖೆಯ ಉಪನಿರ್ದೇಶಕ ಮಹೇಶ ಪೋತದಾರ, ವಿವಿಧ ಇಲಾಖೆಯ ಜಿಲ್ಲಾ ಮಟ್ಟದ ಅಧಿಕಾರಿಗಳು, ಪೊಲೀಸ್ ಪಡೆಗಳು, ಎನ್‌ಸಿಸಿ, ಎನ್‌ಎಸ್‌ಎಸ್, ಹೋಮ್ ಗಾರ್ಡ್ಸ್, ನಾಗರಿಕ ಸೇವಾ ಇಲಾಖೆ ಅಧಿಕಾರಿಗಳು ಹಾಜರಿದ್ದರು.
